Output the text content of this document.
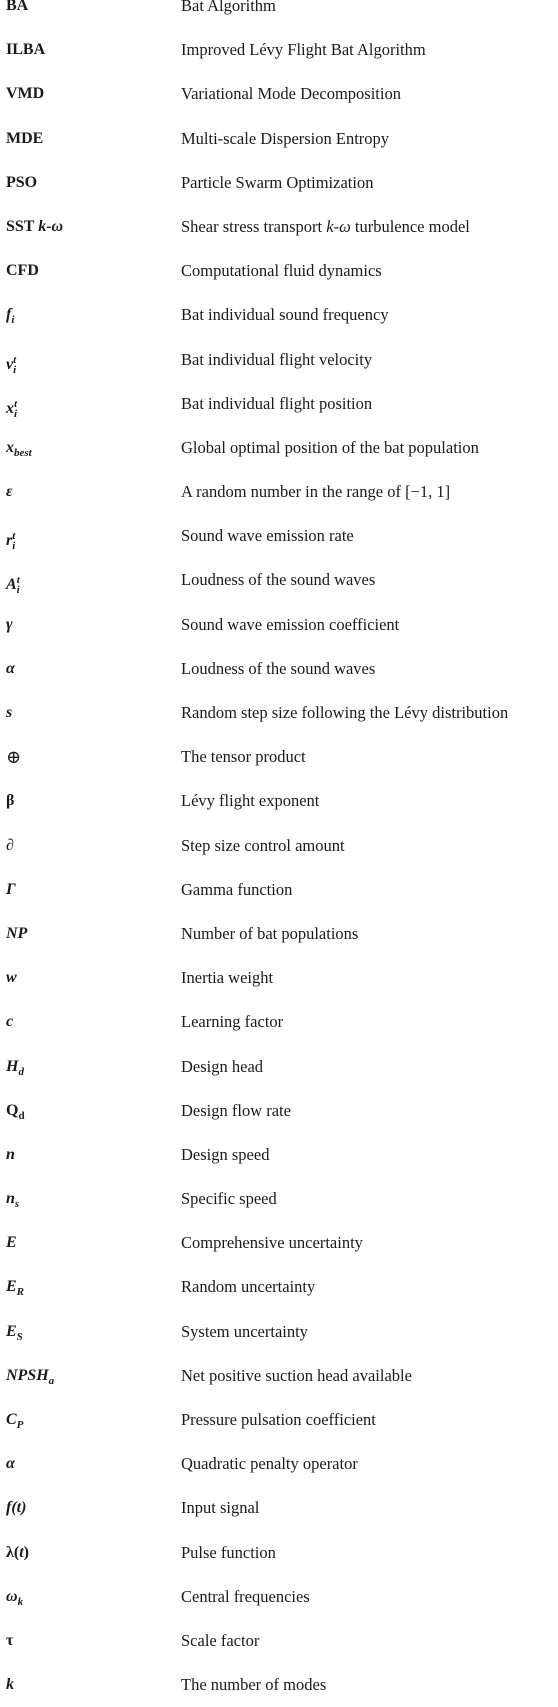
BA	Bat Algorithm
ILBA	Improved Lévy Flight Bat Algorithm
VMD	Variational Mode Decomposition
MDE	Multi-scale Dispersion Entropy
PSO	Particle Swarm Optimization
SST k-ω	Shear stress transport k-ω turbulence model
CFD	Computational fluid dynamics
$f_i$	Bat individual sound frequency
$v_i^t$	Bat individual flight velocity
$x_i^t$	Bat individual flight position
$x_{best}$	Global optimal position of the bat population
ε	A random number in the range of [−1, 1]
$r_i^t$	Sound wave emission rate
$A_i^t$	Loudness of the sound waves
γ	Sound wave emission coefficient
α	Loudness of the sound waves
s	Random step size following the Lévy distribution
⊕	The tensor product
β	Lévy flight exponent
∂	Step size control amount
Γ	Gamma function
NP	Number of bat populations
w	Inertia weight
c	Learning factor
$H_d$	Design head
$Q_d$	Design flow rate
n	Design speed
$n_s$	Specific speed
E	Comprehensive uncertainty
$E_R$	Random uncertainty
$E_S$	System uncertainty
$NPSH_a$	Net positive suction head available
$C_P$	Pressure pulsation coefficient
α	Quadratic penalty operator
f(t)	Input signal
λ(t)	Pulse function
$\omega_k$	Central frequencies
τ	Scale factor
k	The number of modes
